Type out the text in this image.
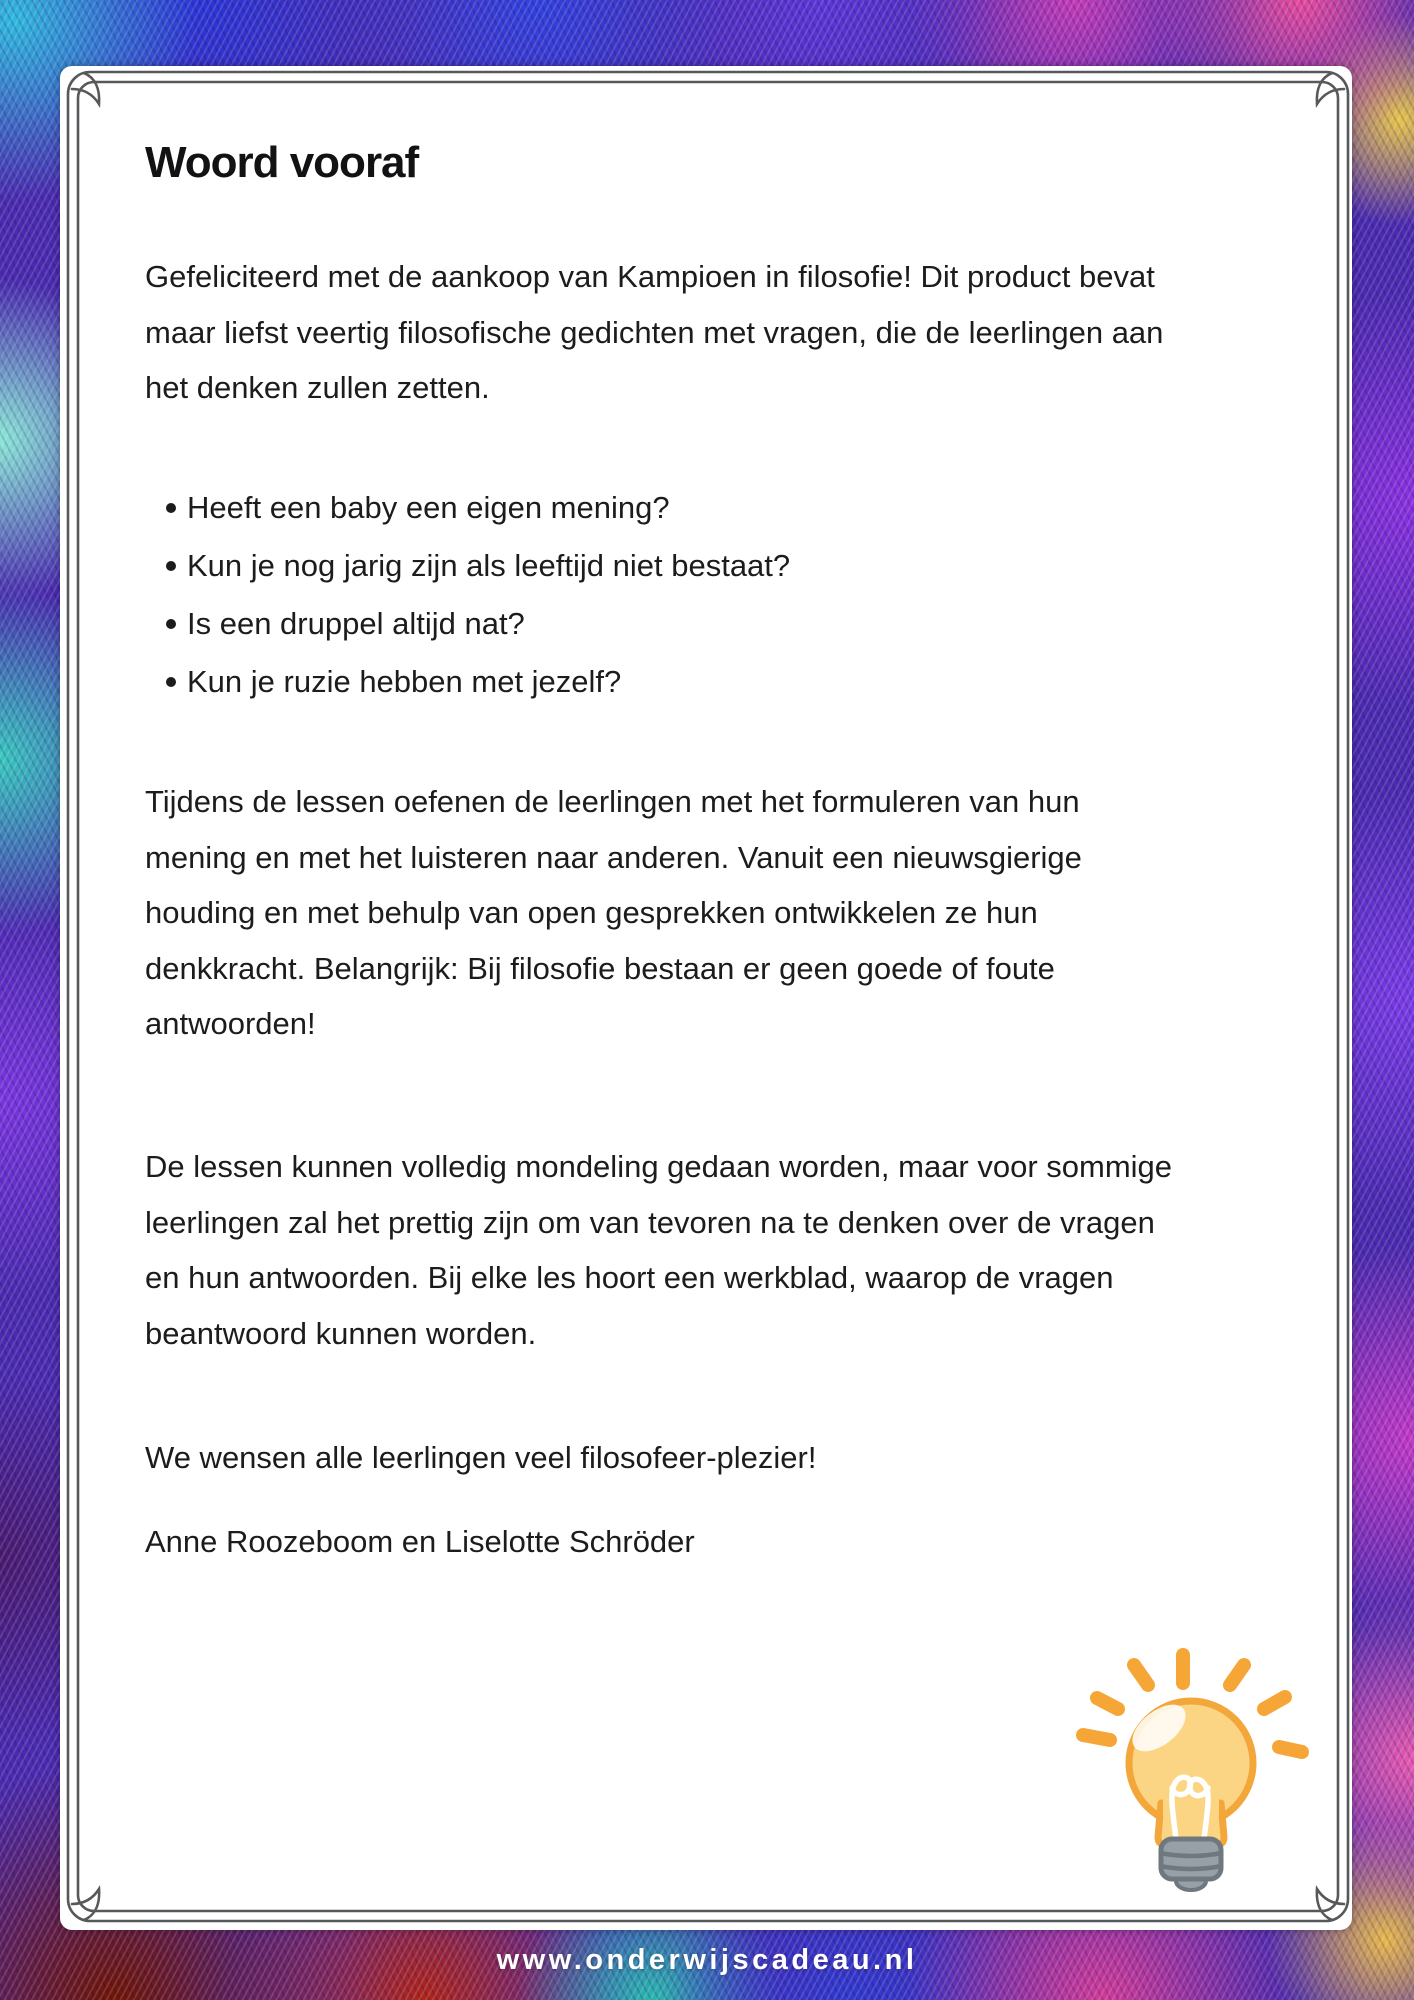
Woord vooraf
Gefeliciteerd met de aankoop van Kampioen in filosofie! Dit product bevat
maar liefst veertig filosofische gedichten met vragen, die de leerlingen aan
het denken zullen zetten.
Heeft een baby een eigen mening?
Kun je nog jarig zijn als leeftijd niet bestaat?
Is een druppel altijd nat?
Kun je ruzie hebben met jezelf?
Tijdens de lessen oefenen de leerlingen met het formuleren van hun
mening en met het luisteren naar anderen. Vanuit een nieuwsgierige
houding en met behulp van open gesprekken ontwikkelen ze hun
denkkracht. Belangrijk: Bij filosofie bestaan er geen goede of foute
antwoorden!
De lessen kunnen volledig mondeling gedaan worden, maar voor sommige
leerlingen zal het prettig zijn om van tevoren na te denken over de vragen
en hun antwoorden. Bij elke les hoort een werkblad, waarop de vragen
beantwoord kunnen worden.
We wensen alle leerlingen veel filosofeer-plezier!
Anne Roozeboom en Liselotte Schröder
www.onderwijscadeau.nl
